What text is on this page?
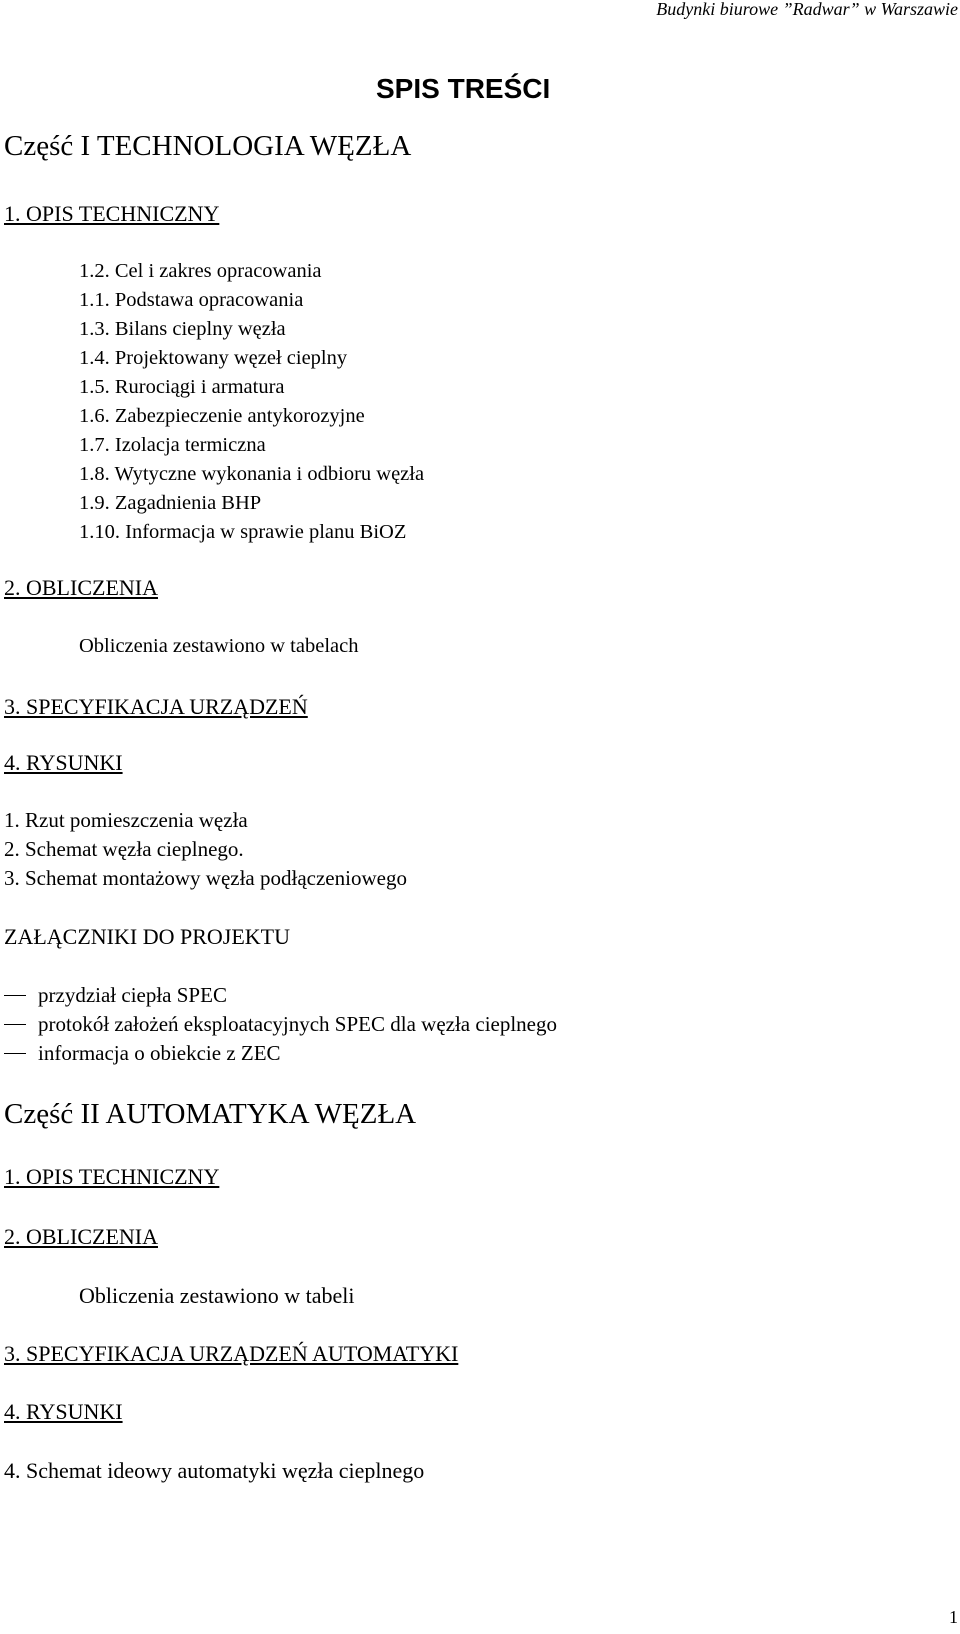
Budynki biurowe ”Radwar” w Warszawie
SPIS TREŚCI
Część I TECHNOLOGIA WĘZŁA
1. OPIS TECHNICZNY
1.2. Cel i zakres opracowania
1.1. Podstawa opracowania
1.3. Bilans cieplny węzła
1.4. Projektowany węzeł cieplny
1.5. Rurociągi i armatura
1.6. Zabezpieczenie antykorozyjne
1.7. Izolacja termiczna
1.8. Wytyczne wykonania i odbioru węzła
1.9. Zagadnienia BHP
1.10. Informacja w sprawie planu BiOZ
2. OBLICZENIA
Obliczenia zestawiono w tabelach
3. SPECYFIKACJA URZĄDZEŃ
4. RYSUNKI
1. Rzut pomieszczenia węzła
2. Schemat węzła cieplnego.
3. Schemat montażowy węzła podłączeniowego
ZAŁĄCZNIKI DO PROJEKTU
przydział ciepła SPEC
protokół założeń eksploatacyjnych SPEC dla węzła cieplnego
informacja o obiekcie z ZEC
Część II AUTOMATYKA WĘZŁA
1. OPIS TECHNICZNY
2. OBLICZENIA
Obliczenia zestawiono w tabeli
3. SPECYFIKACJA URZĄDZEŃ AUTOMATYKI
4. RYSUNKI
4. Schemat ideowy automatyki węzła cieplnego
1
